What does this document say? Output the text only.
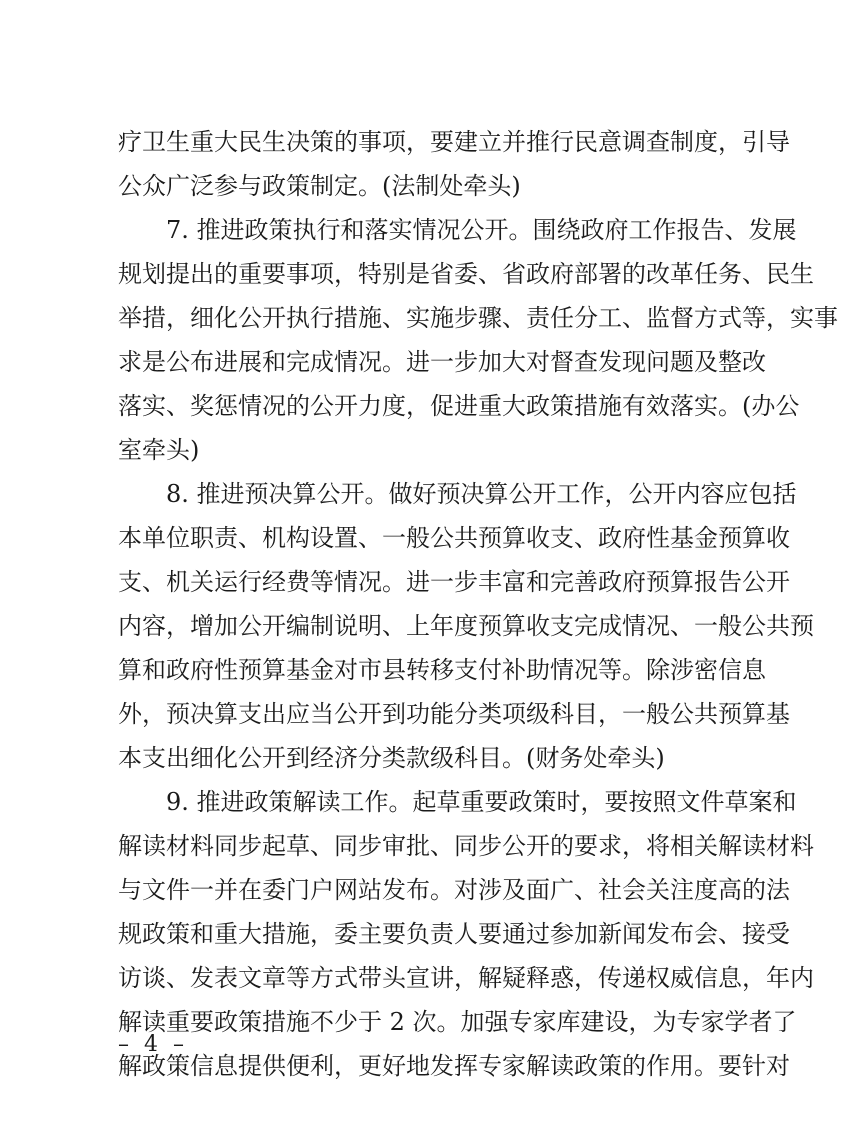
疗卫生重大民生决策的事项，要建立并推行民意调查制度，引导
公众广泛参与政策制定。(法制处牵头)
7. 推进政策执行和落实情况公开。围绕政府工作报告、发展
规划提出的重要事项，特别是省委、省政府部署的改革任务、民生
举措，细化公开执行措施、实施步骤、责任分工、监督方式等，实事
求是公布进展和完成情况。进一步加大对督查发现问题及整改
落实、奖惩情况的公开力度，促进重大政策措施有效落实。(办公
室牵头)
8. 推进预决算公开。做好预决算公开工作，公开内容应包括
本单位职责、机构设置、一般公共预算收支、政府性基金预算收
支、机关运行经费等情况。进一步丰富和完善政府预算报告公开
内容，增加公开编制说明、上年度预算收支完成情况、一般公共预
算和政府性预算基金对市县转移支付补助情况等。除涉密信息
外，预决算支出应当公开到功能分类项级科目，一般公共预算基
本支出细化公开到经济分类款级科目。(财务处牵头)
9. 推进政策解读工作。起草重要政策时，要按照文件草案和
解读材料同步起草、同步审批、同步公开的要求，将相关解读材料
与文件一并在委门户网站发布。对涉及面广、社会关注度高的法
规政策和重大措施，委主要负责人要通过参加新闻发布会、接受
访谈、发表文章等方式带头宣讲，解疑释惑，传递权威信息，年内
解读重要政策措施不少于 2 次。加强专家库建设，为专家学者了
解政策信息提供便利，更好地发挥专家解读政策的作用。要针对
– 4 –
